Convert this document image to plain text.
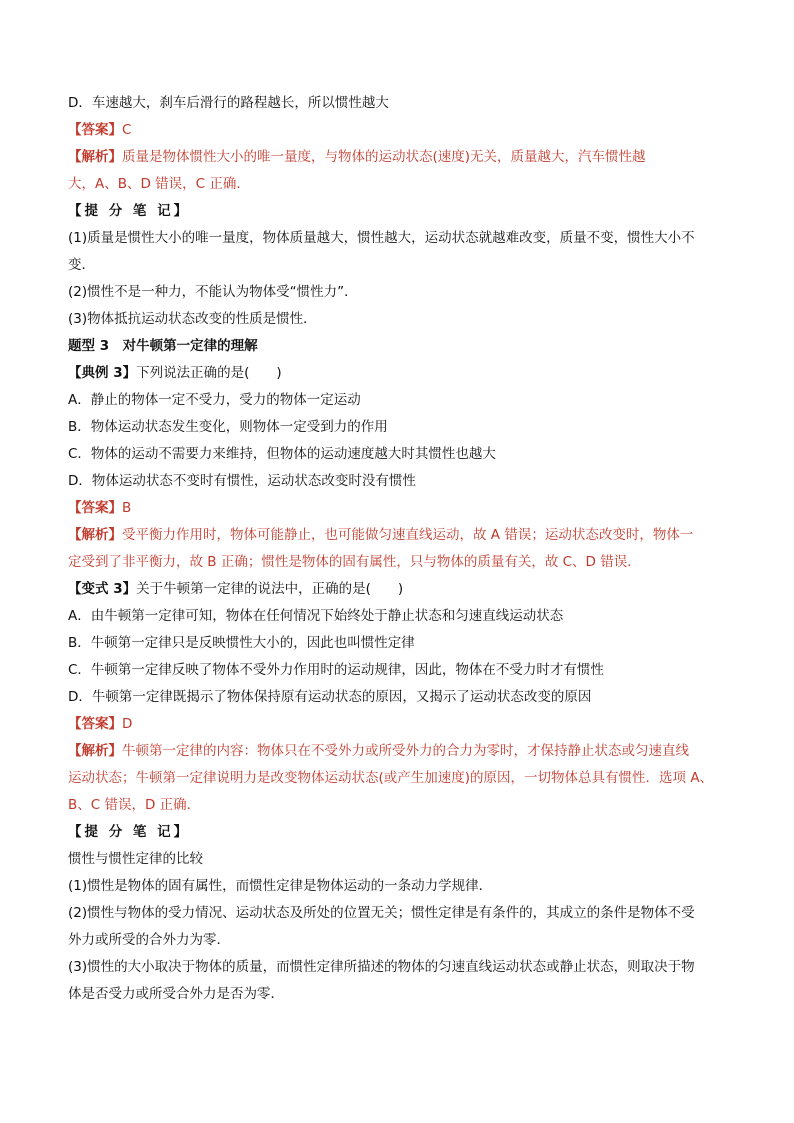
D．车速越大，刹车后滑行的路程越长，所以惯性越大
【答案】C
【解析】质量是物体惯性大小的唯一量度，与物体的运动状态(速度)无关，质量越大，汽车惯性越
大，A、B、D 错误，C 正确．
【提 分 笔 记】
(1)质量是惯性大小的唯一量度，物体质量越大，惯性越大，运动状态就越难改变，质量不变，惯性大小不
变．
(2)惯性不是一种力，不能认为物体受“惯性力”．
(3)物体抵抗运动状态改变的性质是惯性．
题型 3　对牛顿第一定律的理解
【典例 3】下列说法正确的是(　　)
A．静止的物体一定不受力，受力的物体一定运动
B．物体运动状态发生变化，则物体一定受到力的作用
C．物体的运动不需要力来维持，但物体的运动速度越大时其惯性也越大
D．物体运动状态不变时有惯性，运动状态改变时没有惯性
【答案】B
【解析】受平衡力作用时，物体可能静止，也可能做匀速直线运动，故 A 错误；运动状态改变时，物体一
定受到了非平衡力，故 B 正确；惯性是物体的固有属性，只与物体的质量有关，故 C、D 错误．
【变式 3】关于牛顿第一定律的说法中，正确的是(　　)
A．由牛顿第一定律可知，物体在任何情况下始终处于静止状态和匀速直线运动状态
B．牛顿第一定律只是反映惯性大小的，因此也叫惯性定律
C．牛顿第一定律反映了物体不受外力作用时的运动规律，因此，物体在不受力时才有惯性
D．牛顿第一定律既揭示了物体保持原有运动状态的原因，又揭示了运动状态改变的原因
【答案】D
【解析】牛顿第一定律的内容：物体只在不受外力或所受外力的合力为零时，才保持静止状态或匀速直线
运动状态；牛顿第一定律说明力是改变物体运动状态(或产生加速度)的原因，一切物体总具有惯性．选项 A、
B、C 错误，D 正确．
【提 分 笔 记】
惯性与惯性定律的比较
(1)惯性是物体的固有属性，而惯性定律是物体运动的一条动力学规律．
(2)惯性与物体的受力情况、运动状态及所处的位置无关；惯性定律是有条件的，其成立的条件是物体不受
外力或所受的合外力为零．
(3)惯性的大小取决于物体的质量，而惯性定律所描述的物体的匀速直线运动状态或静止状态，则取决于物
体是否受力或所受合外力是否为零．
